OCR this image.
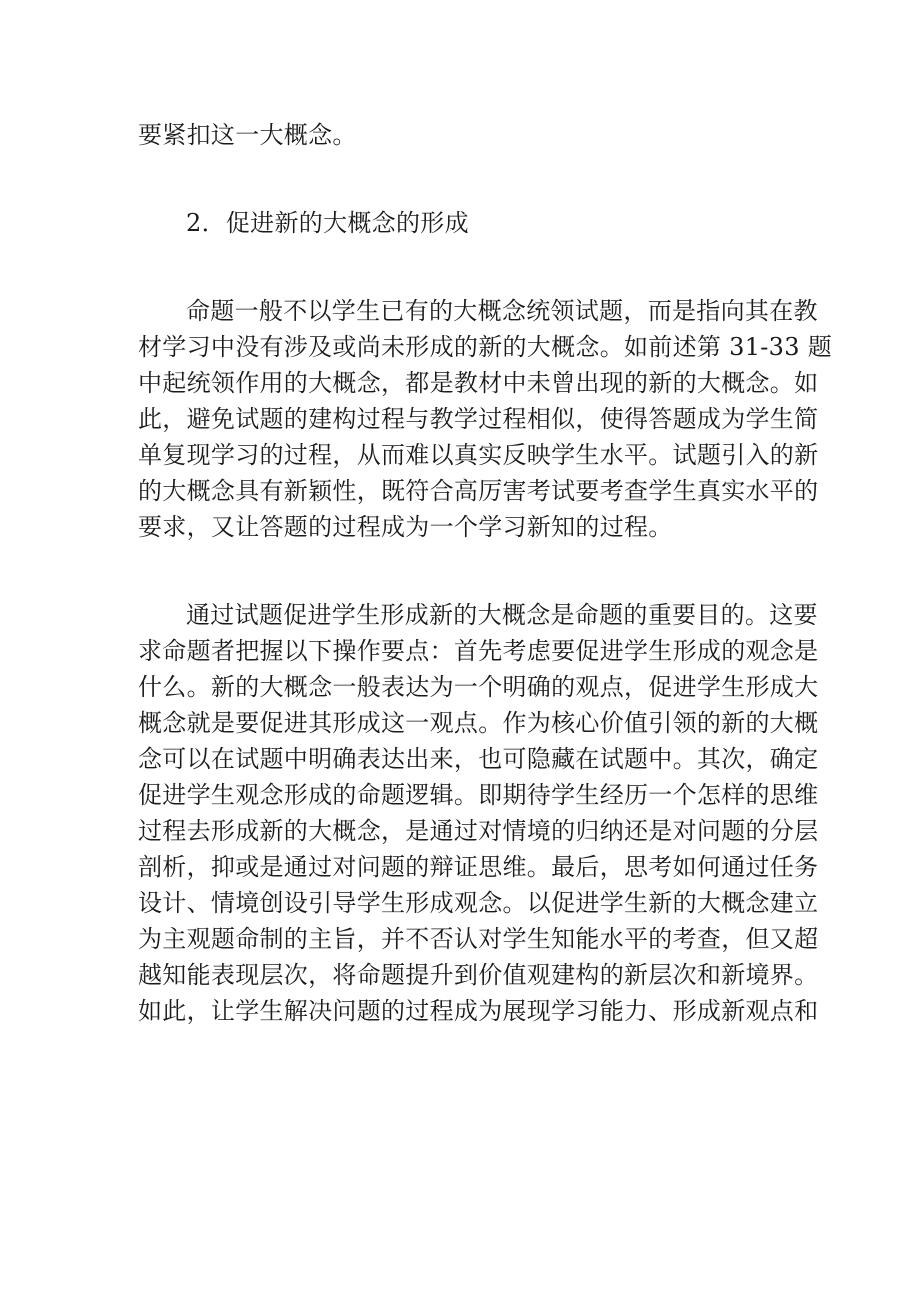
要紧扣这一大概念。

2．促进新的大概念的形成

命题一般不以学生已有的大概念统领试题，而是指向其在教

材学习中没有涉及或尚未形成的新的大概念。如前述第 31-33 题

中起统领作用的大概念，都是教材中未曾出现的新的大概念。如

此，避免试题的建构过程与教学过程相似，使得答题成为学生简

单复现学习的过程，从而难以真实反映学生水平。试题引入的新

的大概念具有新颖性，既符合高厉害考试要考查学生真实水平的

要求，又让答题的过程成为一个学习新知的过程。

通过试题促进学生形成新的大概念是命题的重要目的。这要

求命题者把握以下操作要点：首先考虑要促进学生形成的观念是

什么。新的大概念一般表达为一个明确的观点，促进学生形成大

概念就是要促进其形成这一观点。作为核心价值引领的新的大概

念可以在试题中明确表达出来，也可隐藏在试题中。其次，确定

促进学生观念形成的命题逻辑。即期待学生经历一个怎样的思维

过程去形成新的大概念，是通过对情境的归纳还是对问题的分层

剖析，抑或是通过对问题的辩证思维。最后，思考如何通过任务

设计、情境创设引导学生形成观念。以促进学生新的大概念建立

为主观题命制的主旨，并不否认对学生知能水平的考查，但又超

越知能表现层次，将命题提升到价值观建构的新层次和新境界。

如此，让学生解决问题的过程成为展现学习能力、形成新观点和
